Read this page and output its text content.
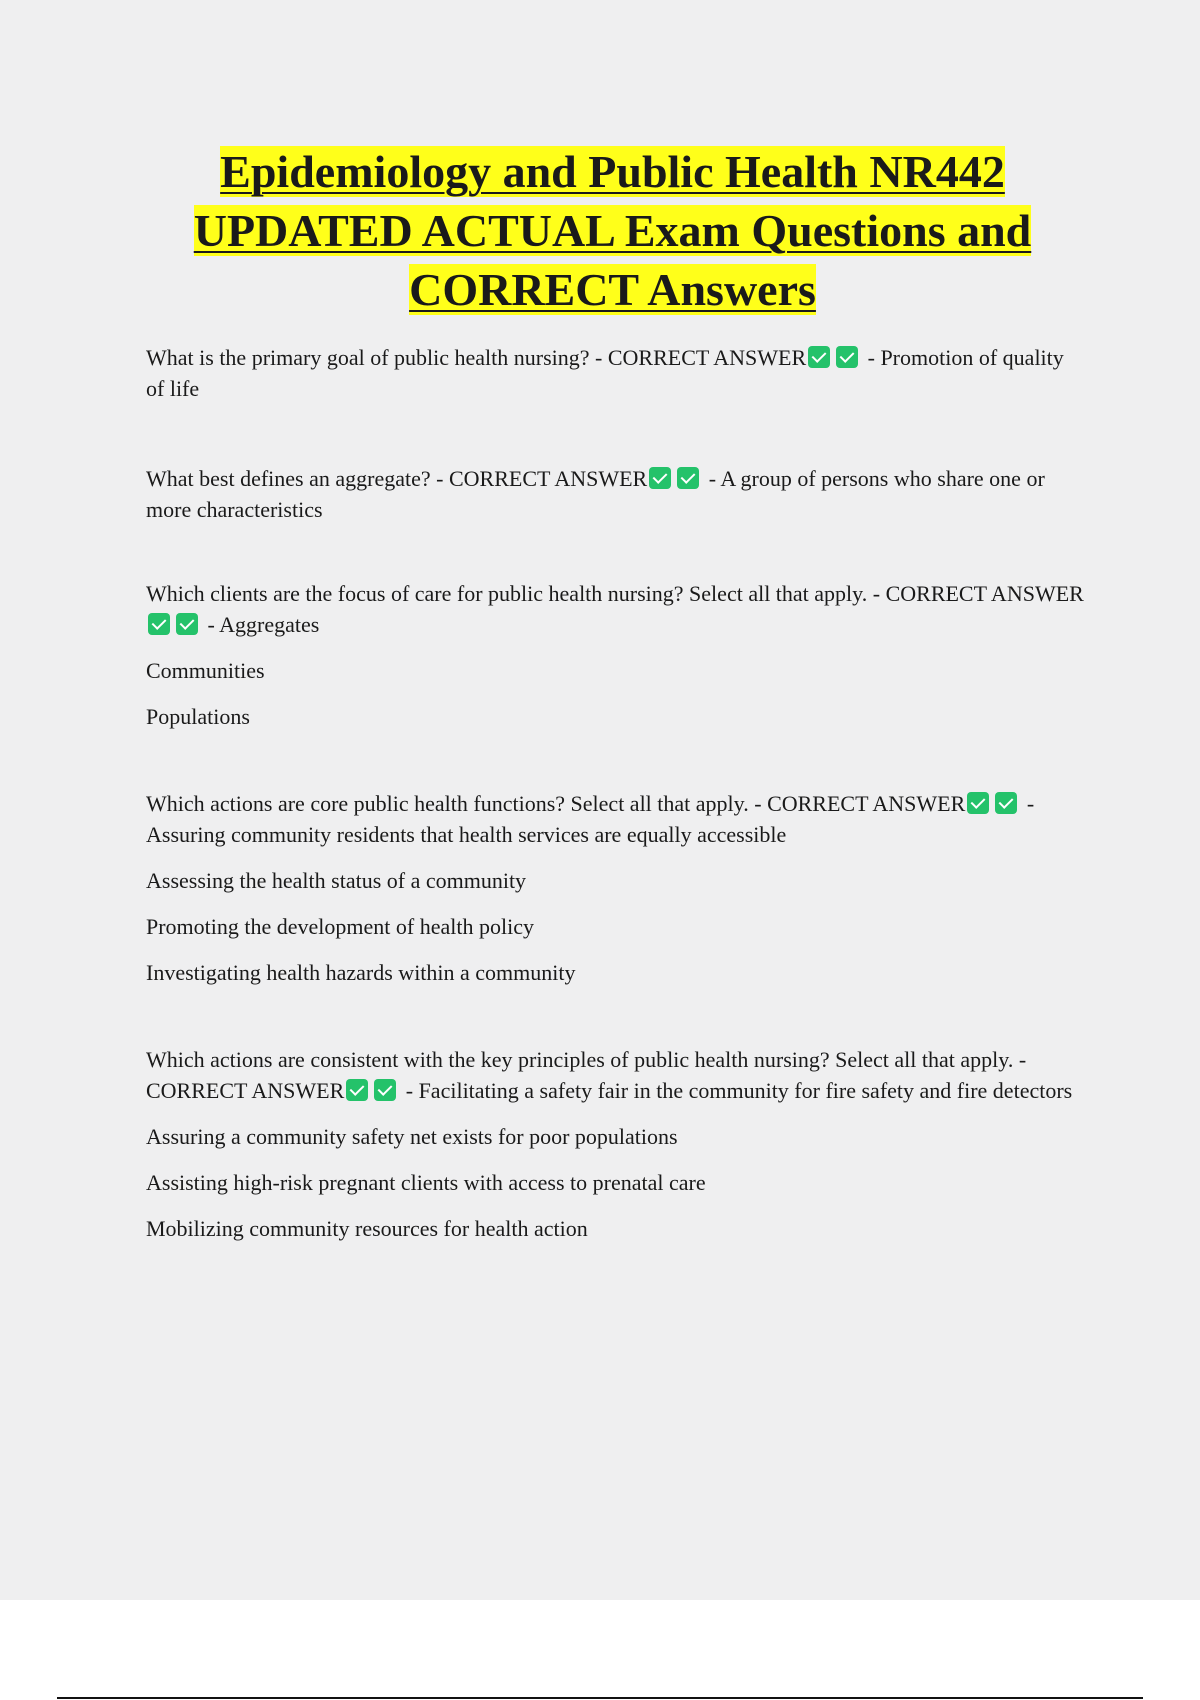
Epidemiology and Public Health NR442 UPDATED ACTUAL Exam Questions and CORRECT Answers

What is the primary goal of public health nursing? - CORRECT ANSWER	- Promotion of quality of life

What best defines an aggregate? - CORRECT ANSWER	- A group of persons who share one or more characteristics

Which clients are the focus of care for public health nursing? Select all that apply. - CORRECT ANSWER - Aggregates

Communities

Populations

Which actions are core public health functions? Select all that apply. - CORRECT ANSWER	- Assuring community residents that health services are equally accessible

Assessing the health status of a community

Promoting the development of health policy

Investigating health hazards within a community

Which actions are consistent with the key principles of public health nursing? Select all that apply. - CORRECT ANSWER	- Facilitating a safety fair in the community for fire safety and fire detectors

Assuring a community safety net exists for poor populations

Assisting high-risk pregnant clients with access to prenatal care

Mobilizing community resources for health action
